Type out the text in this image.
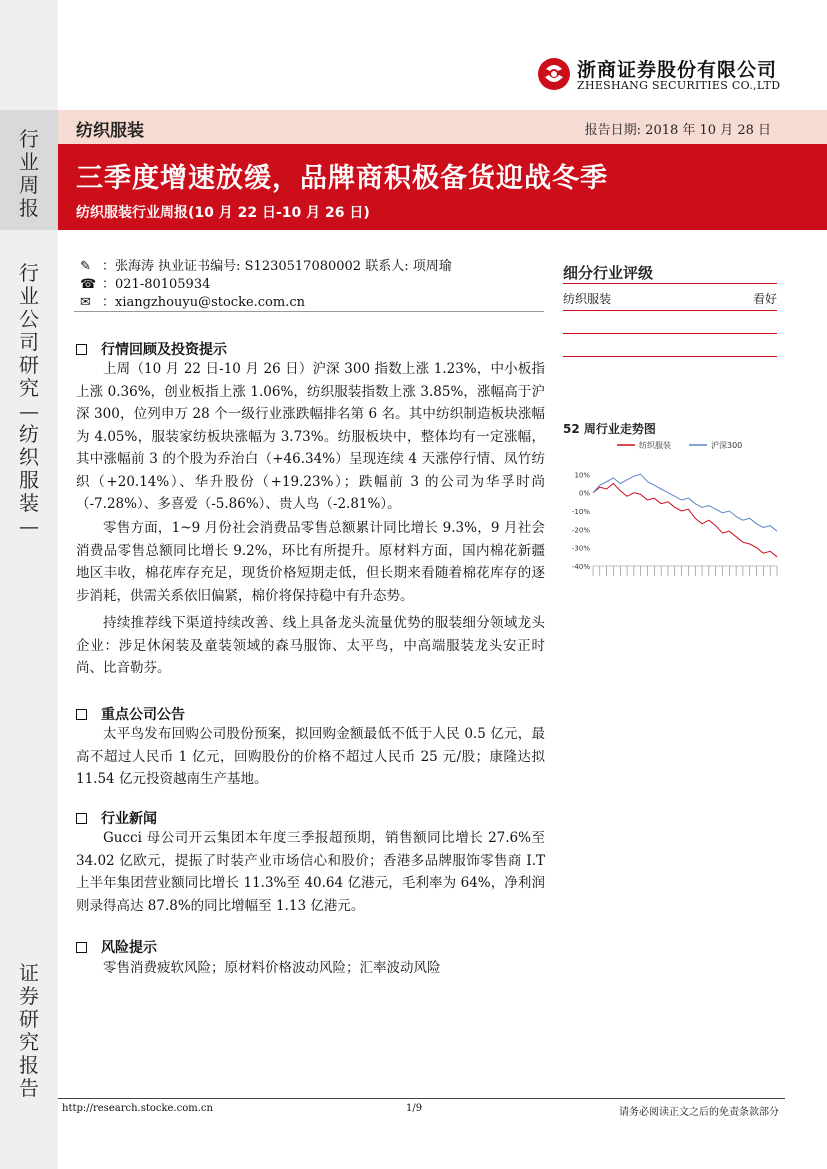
行业周报
行业公司研究—纺织服装—
证券研究报告
浙商证券股份有限公司
ZHESHANG SECURITIES CO.,LTD
纺织服装	报告日期: 2018 年 10 月 28 日
三季度增速放缓，品牌商积极备货迎战冬季
纺织服装行业周报(10 月 22 日-10 月 26 日)
✎ ：张海涛 执业证书编号: S1230517080002 联系人: 项周瑜
☎ ：021-80105934
✉ ：xiangzhouyu@stocke.com.cn
细分行业评级
纺织服装	看好
52 周行业走势图
纺织服装	沪深300
10%
0%
-10%
-20%
-30%
-40%
行情回顾及投资提示
上周（10 月 22 日-10 月 26 日）沪深 300 指数上涨 1.23%，中小板指上涨 0.36%，创业板指上涨 1.06%，纺织服装指数上涨 3.85%，涨幅高于沪深 300，位列申万 28 个一级行业涨跌幅排名第 6 名。其中纺织制造板块涨幅为 4.05%，服装家纺板块涨幅为 3.73%。纺服板块中，整体均有一定涨幅，其中涨幅前 3 的个股为乔治白（+46.34%）呈现连续 4 天涨停行情、凤竹纺织（+20.14%）、华升股份（+19.23%）；跌幅前 3 的公司为华孚时尚（-7.28%）、多喜爱（-5.86%）、贵人鸟（-2.81%）。
零售方面，1~9 月份社会消费品零售总额累计同比增长 9.3%，9 月社会消费品零售总额同比增长 9.2%，环比有所提升。原材料方面，国内棉花新疆地区丰收，棉花库存充足，现货价格短期走低，但长期来看随着棉花库存的逐步消耗，供需关系依旧偏紧，棉价将保持稳中有升态势。
持续推荐线下渠道持续改善、线上具备龙头流量优势的服装细分领域龙头企业：涉足休闲装及童装领域的森马服饰、太平鸟，中高端服装龙头安正时尚、比音勒芬。
重点公司公告
太平鸟发布回购公司股份预案，拟回购金额最低不低于人民 0.5 亿元，最高不超过人民币 1 亿元，回购股份的价格不超过人民币 25 元/股；康隆达拟 11.54 亿元投资越南生产基地。
行业新闻
Gucci 母公司开云集团本年度三季报超预期，销售额同比增长 27.6%至 34.02 亿欧元，提振了时装产业市场信心和股价；香港多品牌服饰零售商 I.T 上半年集团营业额同比增长 11.3%至 40.64 亿港元，毛利率为 64%，净利润则录得高达 87.8%的同比增幅至 1.13 亿港元。
风险提示
零售消费疲软风险；原材料价格波动风险；汇率波动风险
http://research.stocke.com.cn	1/9	请务必阅读正文之后的免责条款部分
